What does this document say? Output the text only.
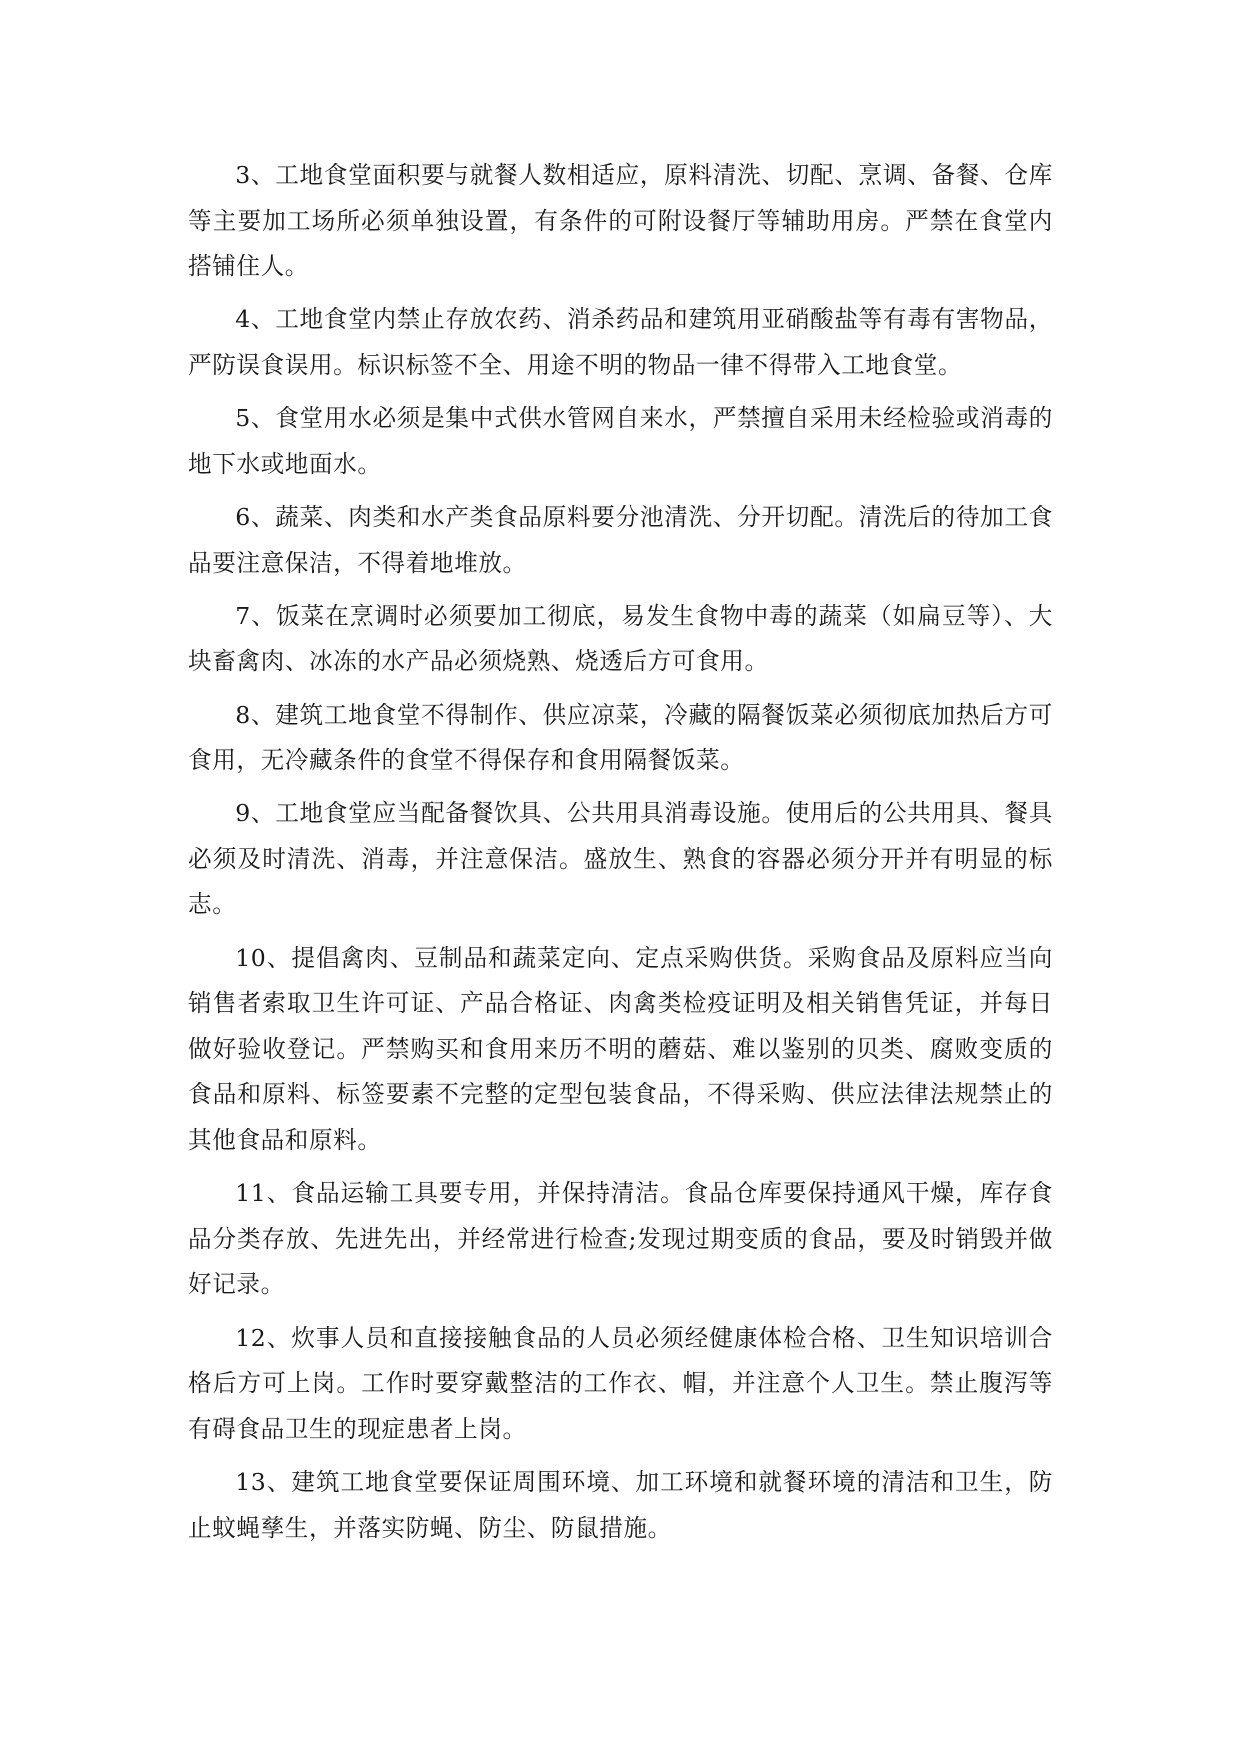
3、工地食堂面积要与就餐人数相适应，原料清洗、切配、烹调、备餐、仓库等主要加工场所必须单独设置，有条件的可附设餐厅等辅助用房。严禁在食堂内搭铺住人。

4、工地食堂内禁止存放农药、消杀药品和建筑用亚硝酸盐等有毒有害物品，严防误食误用。标识标签不全、用途不明的物品一律不得带入工地食堂。

5、食堂用水必须是集中式供水管网自来水，严禁擅自采用未经检验或消毒的地下水或地面水。

6、蔬菜、肉类和水产类食品原料要分池清洗、分开切配。清洗后的待加工食品要注意保洁，不得着地堆放。

7、饭菜在烹调时必须要加工彻底，易发生食物中毒的蔬菜（如扁豆等）、大块畜禽肉、冰冻的水产品必须烧熟、烧透后方可食用。

8、建筑工地食堂不得制作、供应凉菜，冷藏的隔餐饭菜必须彻底加热后方可食用，无冷藏条件的食堂不得保存和食用隔餐饭菜。

9、工地食堂应当配备餐饮具、公共用具消毒设施。使用后的公共用具、餐具必须及时清洗、消毒，并注意保洁。盛放生、熟食的容器必须分开并有明显的标志。

10、提倡禽肉、豆制品和蔬菜定向、定点采购供货。采购食品及原料应当向销售者索取卫生许可证、产品合格证、肉禽类检疫证明及相关销售凭证，并每日做好验收登记。严禁购买和食用来历不明的蘑菇、难以鉴别的贝类、腐败变质的食品和原料、标签要素不完整的定型包装食品，不得采购、供应法律法规禁止的其他食品和原料。

11、食品运输工具要专用，并保持清洁。食品仓库要保持通风干燥，库存食品分类存放、先进先出，并经常进行检查;发现过期变质的食品，要及时销毁并做好记录。

12、炊事人员和直接接触食品的人员必须经健康体检合格、卫生知识培训合格后方可上岗。工作时要穿戴整洁的工作衣、帽，并注意个人卫生。禁止腹泻等有碍食品卫生的现症患者上岗。

13、建筑工地食堂要保证周围环境、加工环境和就餐环境的清洁和卫生，防止蚊蝇孳生，并落实防蝇、防尘、防鼠措施。
